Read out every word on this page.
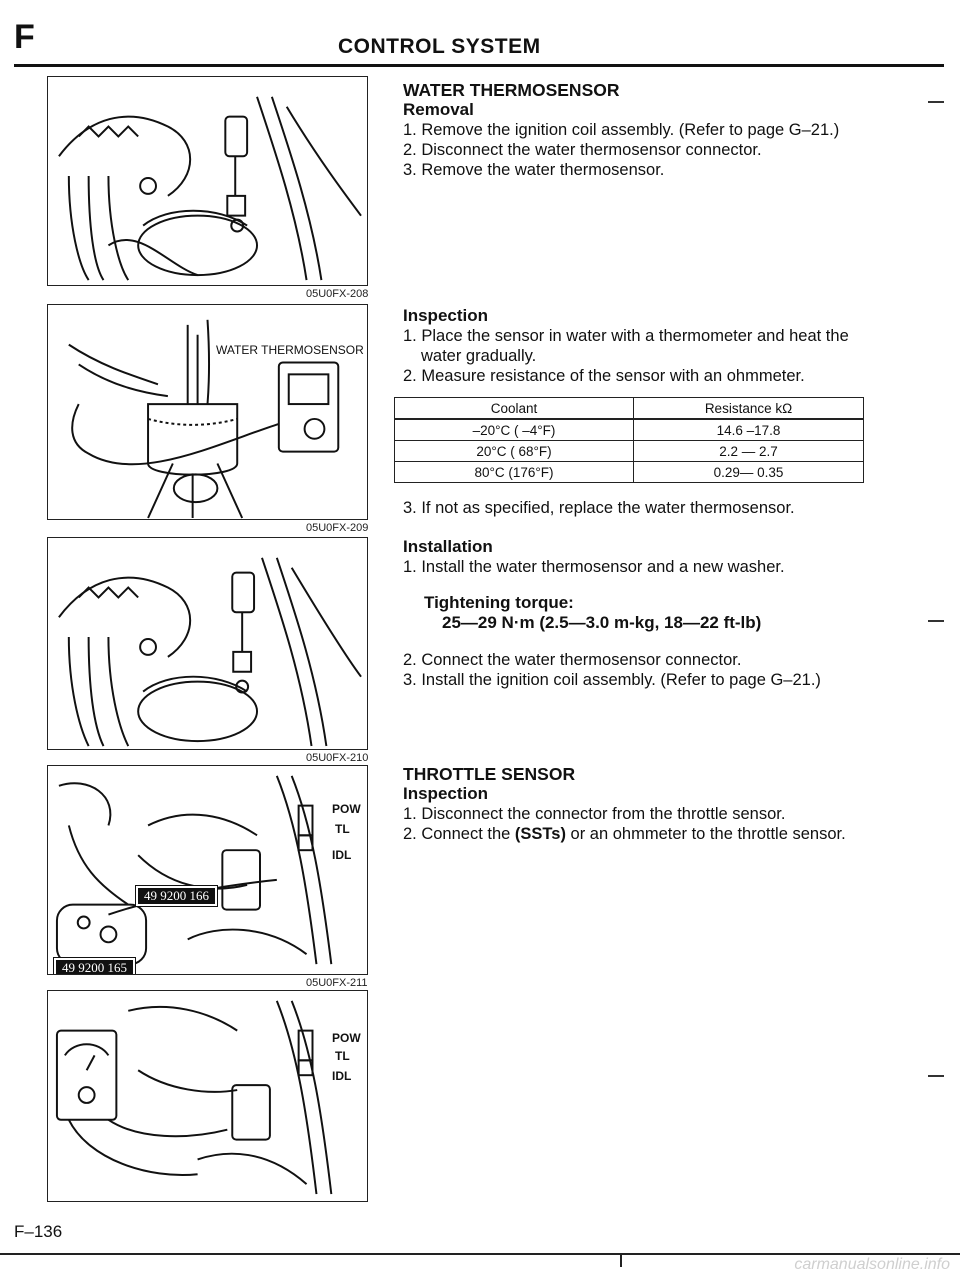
F	CONTROL SYSTEM
05U0FX-208
WATER THERMOSENSOR
05U0FX-209
05U0FX-210
POW
TL
IDL
49 9200 166
49 9200 165
05U0FX-211
POW
TL
IDL
WATER THERMOSENSOR
Removal

1. Remove the ignition coil assembly. (Refer to page G–21.)

2. Disconnect the water thermosensor connector.

3. Remove the water thermosensor.

Inspection

1. Place the sensor in water with a thermometer and heat the

water gradually.

2. Measure resistance of the sensor with an ohmmeter.

Coolant	Resistance kΩ
–20°C ( –4°F)	14.6 –17.8
20°C ( 68°F)	2.2 — 2.7
80°C (176°F)	0.29— 0.35

3. If not as specified, replace the water thermosensor.

Installation

1. Install the water thermosensor and a new washer.

Tightening torque:
25—29 N·m (2.5—3.0 m-kg, 18—22 ft-lb)

2. Connect the water thermosensor connector.

3. Install the ignition coil assembly. (Refer to page G–21.)

THROTTLE SENSOR
Inspection

1. Disconnect the connector from the throttle sensor.

2. Connect the (SSTs) or an ohmmeter to the throttle sensor.

F–136
carmanualsonline.info
